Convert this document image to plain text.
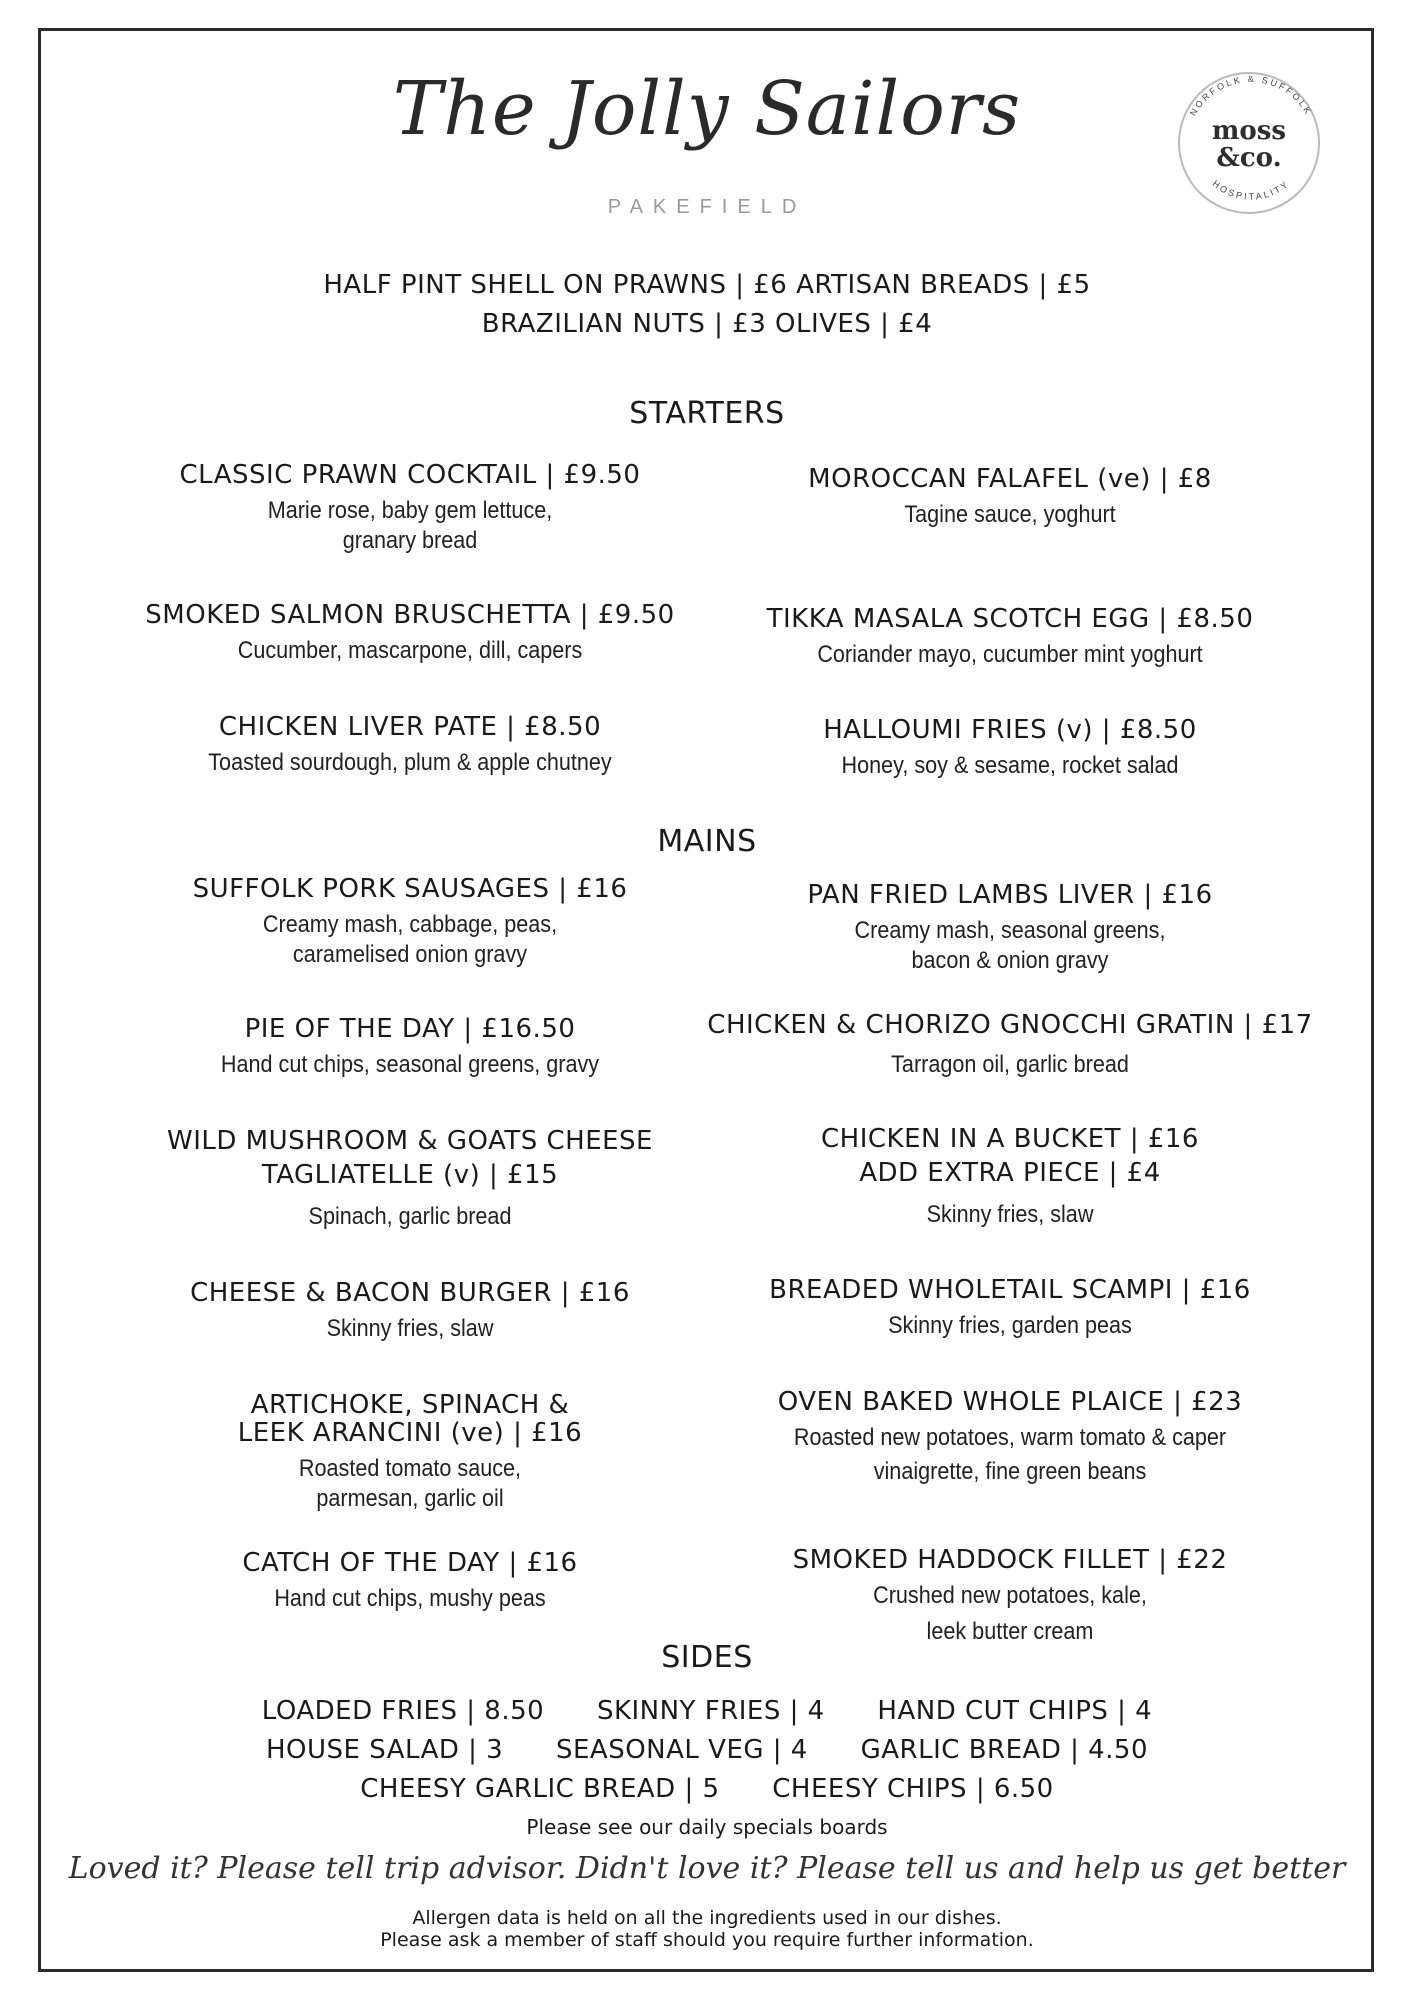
The Jolly Sailors
PAKEFIELD
NORFOLK & SUFFOLK
HOSPITALITY
moss
&co.
HALF PINT SHELL ON PRAWNS | £6 ARTISAN BREADS | £5
BRAZILIAN NUTS | £3 OLIVES | £4
STARTERS
CLASSIC PRAWN COCKTAIL | £9.50
Marie rose, baby gem lettuce,
granary bread
SMOKED SALMON BRUSCHETTA | £9.50
Cucumber, mascarpone, dill, capers
CHICKEN LIVER PATE | £8.50
Toasted sourdough, plum & apple chutney
MOROCCAN FALAFEL (ve) | £8
Tagine sauce, yoghurt
TIKKA MASALA SCOTCH EGG | £8.50
Coriander mayo, cucumber mint yoghurt
HALLOUMI FRIES (v) | £8.50
Honey, soy & sesame, rocket salad
MAINS
SUFFOLK PORK SAUSAGES | £16
Creamy mash, cabbage, peas,
caramelised onion gravy
PIE OF THE DAY | £16.50
Hand cut chips, seasonal greens, gravy
WILD MUSHROOM & GOATS CHEESE
TAGLIATELLE (v) | £15
Spinach, garlic bread
CHEESE & BACON BURGER | £16
Skinny fries, slaw
ARTICHOKE, SPINACH &
LEEK ARANCINI (ve) | £16
Roasted tomato sauce,
parmesan, garlic oil
CATCH OF THE DAY | £16
Hand cut chips, mushy peas
PAN FRIED LAMBS LIVER | £16
Creamy mash, seasonal greens,
bacon & onion gravy
CHICKEN & CHORIZO GNOCCHI GRATIN | £17
Tarragon oil, garlic bread
CHICKEN IN A BUCKET | £16
ADD EXTRA PIECE | £4
Skinny fries, slaw
BREADED WHOLETAIL SCAMPI | £16
Skinny fries, garden peas
OVEN BAKED WHOLE PLAICE | £23
Roasted new potatoes, warm tomato & caper
vinaigrette, fine green beans
SMOKED HADDOCK FILLET | £22
Crushed new potatoes, kale,
leek butter cream
SIDES
LOADED FRIES | 8.50 SKINNY FRIES | 4 HAND CUT CHIPS | 4
HOUSE SALAD | 3 SEASONAL VEG | 4 GARLIC BREAD | 4.50
CHEESY GARLIC BREAD | 5 CHEESY CHIPS | 6.50
Please see our daily specials boards
Loved it? Please tell trip advisor. Didn't love it? Please tell us and help us get better
Allergen data is held on all the ingredients used in our dishes.
Please ask a member of staff should you require further information.
